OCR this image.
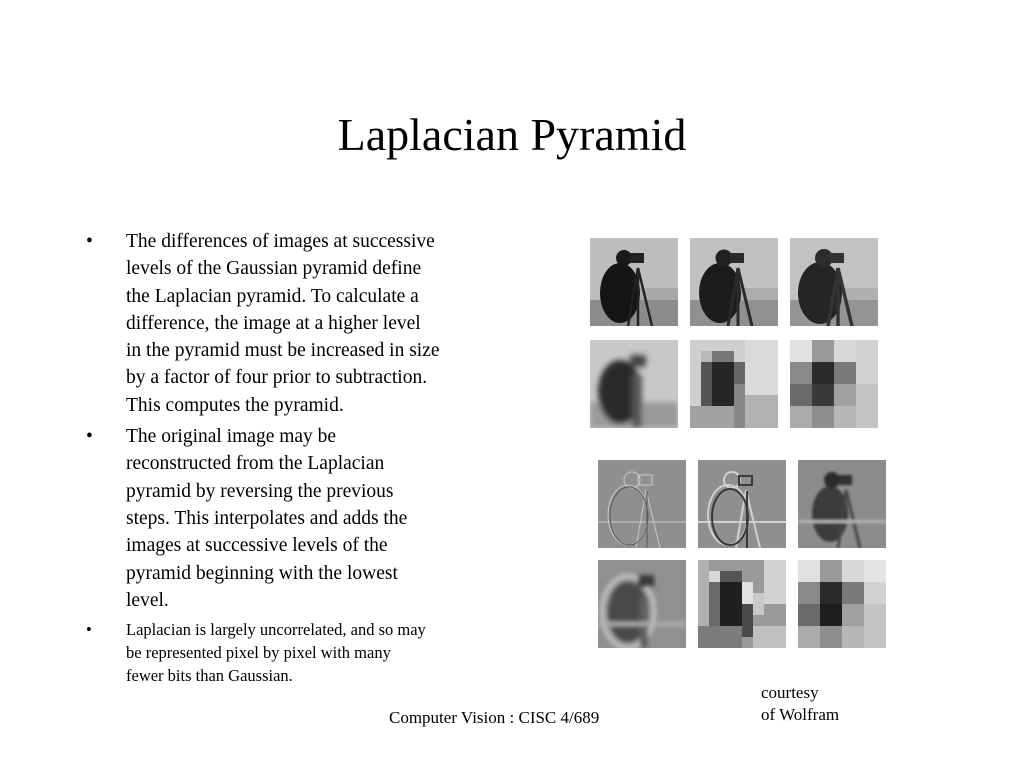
Laplacian Pyramid
• The differences of images at successive
levels of the Gaussian pyramid define
the Laplacian pyramid. To calculate a
difference, the image at a higher level
in the pyramid must be increased in size
by a factor of four prior to subtraction.
This computes the pyramid.
• The original image may be
reconstructed from the Laplacian
pyramid by reversing the previous
steps. This interpolates and adds the
images at successive levels of the
pyramid beginning with the lowest
level.
• Laplacian is largely uncorrelated, and so may
be represented pixel by pixel with many
fewer bits than Gaussian.
courtesy
of Wolfram
Computer Vision : CISC 4/689
